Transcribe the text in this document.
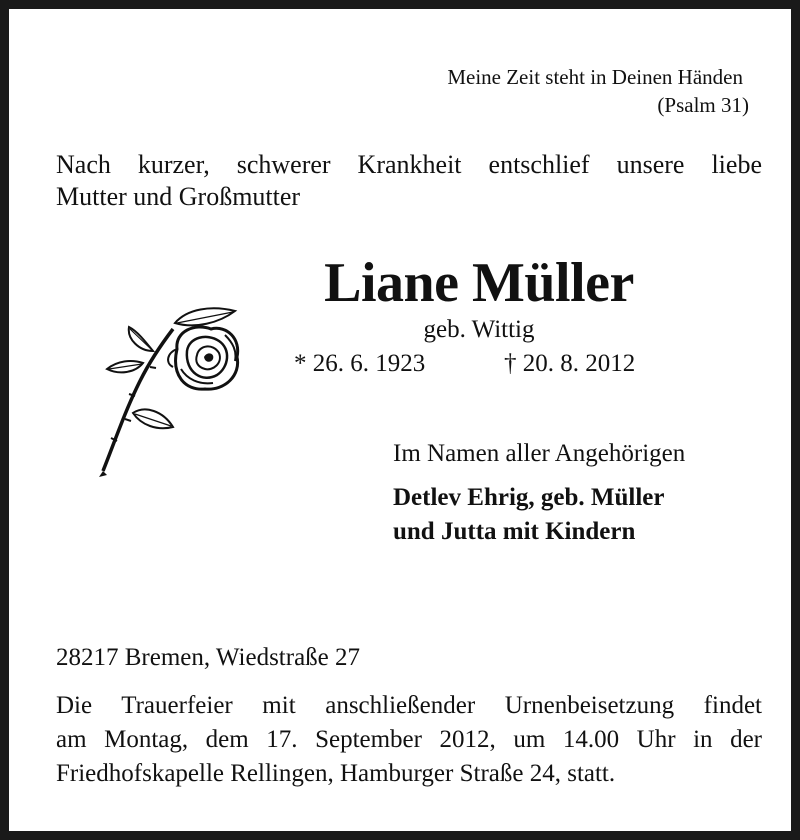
Meine Zeit steht in Deinen Händen
(Psalm 31)
Nach kurzer, schwerer Krankheit entschlief unsere liebe
Mutter und Großmutter
Liane Müller
geb. Wittig
* 26. 6. 1923	† 20. 8. 2012
Im Namen aller Angehörigen
Detlev Ehrig, geb. Müller
und Jutta mit Kindern
28217 Bremen, Wiedstraße 27
Die Trauerfeier mit anschließender Urnenbeisetzung findet
am Montag, dem 17. September 2012, um 14.00 Uhr in der
Friedhofskapelle Rellingen, Hamburger Straße 24, statt.
